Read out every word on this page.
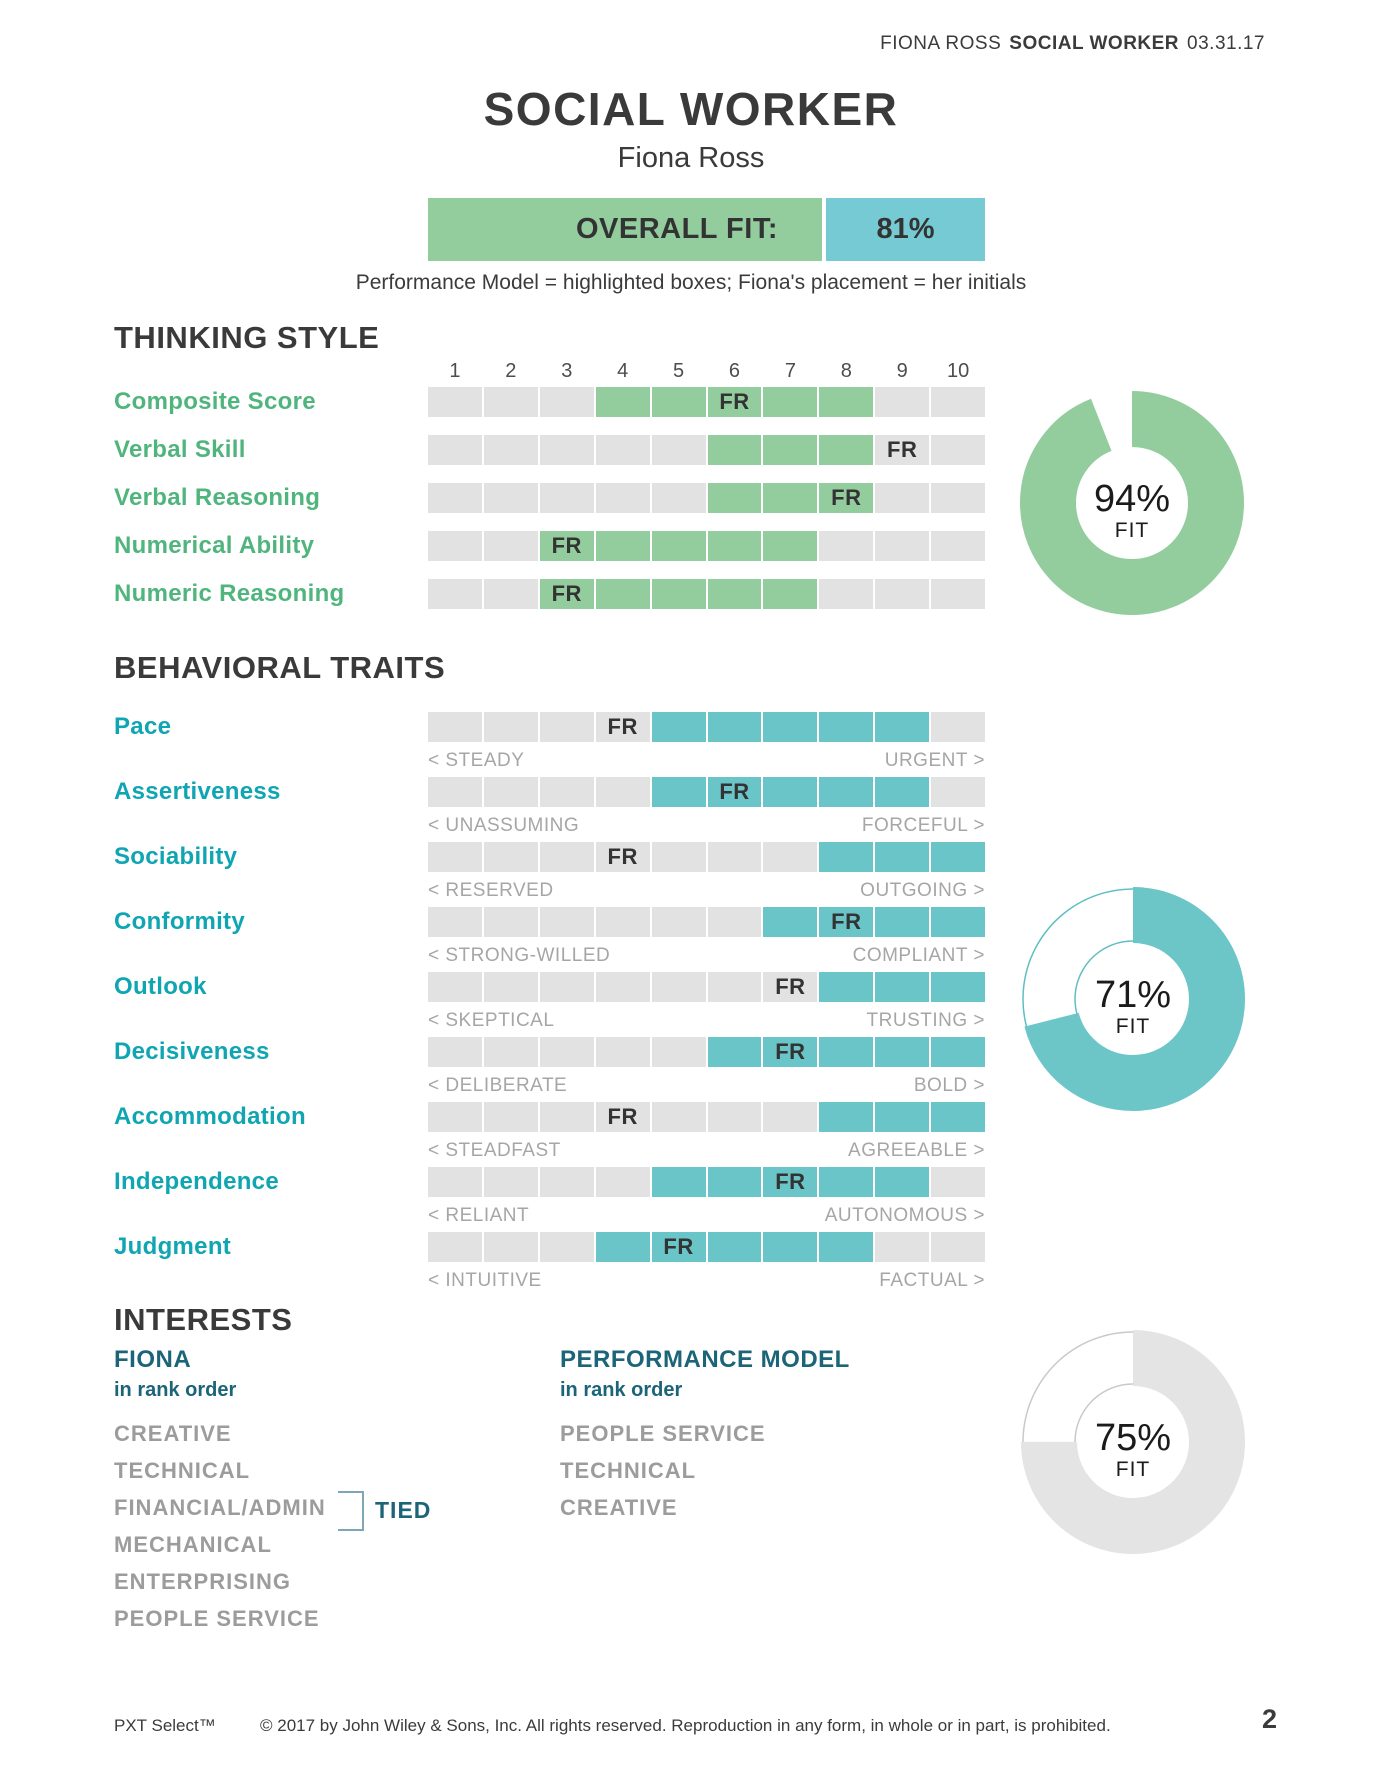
FIONA ROSS SOCIAL WORKER 03.31.17
SOCIAL WORKER
Fiona Ross
OVERALL FIT:	81%
Performance Model = highlighted boxes; Fiona's placement = her initials
THINKING STYLE
1	2	3	4	5	6	7	8	9	10
Composite Score	FR
Verbal Skill	FR
Verbal Reasoning	FR
Numerical Ability	FR
Numeric Reasoning	FR
94%
FIT
BEHAVIORAL TRAITS
Pace	FR
< STEADY	URGENT >
Assertiveness	FR
< UNASSUMING	FORCEFUL >
Sociability	FR
< RESERVED	OUTGOING >
Conformity	FR
< STRONG-WILLED	COMPLIANT >
Outlook	FR
< SKEPTICAL	TRUSTING >
Decisiveness	FR
< DELIBERATE	BOLD >
Accommodation	FR
< STEADFAST	AGREEABLE >
Independence	FR
< RELIANT	AUTONOMOUS >
Judgment	FR
< INTUITIVE	FACTUAL >
71%
FIT
INTERESTS
FIONA
in rank order
CREATIVE
TECHNICAL
FINANCIAL/ADMIN
MECHANICAL
ENTERPRISING
PEOPLE SERVICE
PERFORMANCE MODEL
in rank order
PEOPLE SERVICE
TECHNICAL
CREATIVE
TIED
75%
FIT
PXT Select™	© 2017 by John Wiley & Sons, Inc. All rights reserved. Reproduction in any form, in whole or in part, is prohibited.	2
